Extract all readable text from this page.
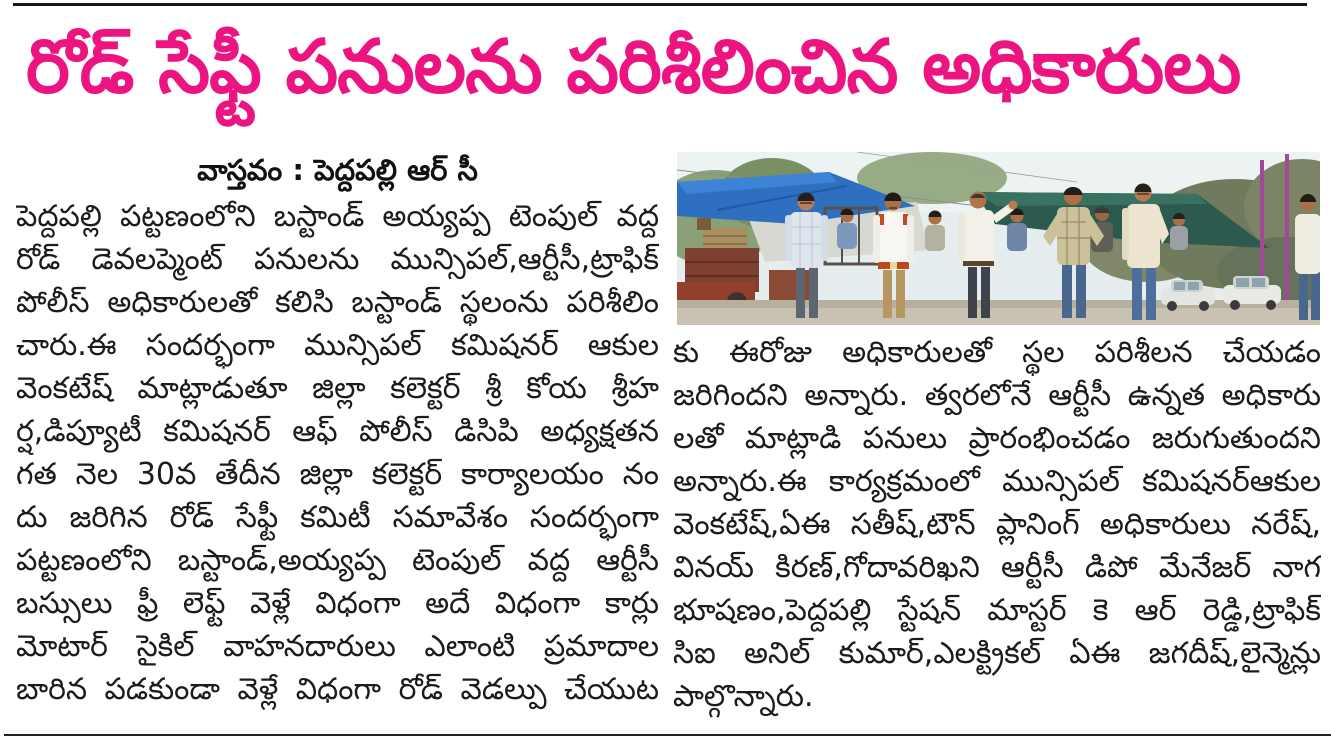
రోడ్ సేఫ్టీ పనులను పరిశీలించిన అధికారులు
వాస్తవం : పెద్దపల్లి ఆర్ సీ
పెద్దపల్లి పట్టణంలోని బస్టాండ్ అయ్యప్ప టెంపుల్ వద్ద
రోడ్ డెవలప్మెంట్ పనులను మున్సిపల్,ఆర్టీసీ,ట్రాఫిక్
పోలీస్ అధికారులతో కలిసి బస్టాండ్ స్థలంను పరిశీలిం
చారు.ఈ సందర్భంగా మున్సిపల్ కమిషనర్ ఆకుల
వెంకటేష్ మాట్లాడుతూ జిల్లా కలెక్టర్ శ్రీ కోయ శ్రీహ
ర్ష,డిప్యూటీ కమిషనర్ ఆఫ్ పోలీస్ డిసిపి అధ్యక్షతన
గత నెల 30వ తేదీన జిల్లా కలెక్టర్ కార్యాలయం నం
దు జరిగిన రోడ్ సేఫ్టీ కమిటీ సమావేశం సందర్భంగా
పట్టణంలోని బస్టాండ్,అయ్యప్ప టెంపుల్ వద్ద ఆర్టీసీ
బస్సులు ఫ్రీ లెఫ్ట్ వెళ్లే విధంగా అదే విధంగా కార్లు
మోటార్ సైకిల్ వాహనదారులు ఎలాంటి ప్రమాదాల
బారిన పడకుండా వెళ్లే విధంగా రోడ్ వెడల్పు చేయుట
కు ఈరోజు అధికారులతో స్థల పరిశీలన చేయడం
జరిగిందని అన్నారు. త్వరలోనే ఆర్టీసీ ఉన్నత అధికారు
లతో మాట్లాడి పనులు ప్రారంభించడం జరుగుతుందని
అన్నారు.ఈ కార్యక్రమంలో మున్సిపల్ కమిషనర్ఆకుల
వెంకటేష్,ఏఈ సతీష్,టౌన్ ప్లానింగ్ అధికారులు నరేష్,
వినయ్ కిరణ్,గోదావరిఖని ఆర్టీసీ డిపో మేనేజర్ నాగ
భూషణం,పెద్దపల్లి స్టేషన్ మాస్టర్ కె ఆర్ రెడ్డి,ట్రాఫిక్
సిఐ అనిల్ కుమార్,ఎలక్ట్రికల్ ఏఈ జగదీష్,లైన్మెన్లు
పాల్గొన్నారు.
